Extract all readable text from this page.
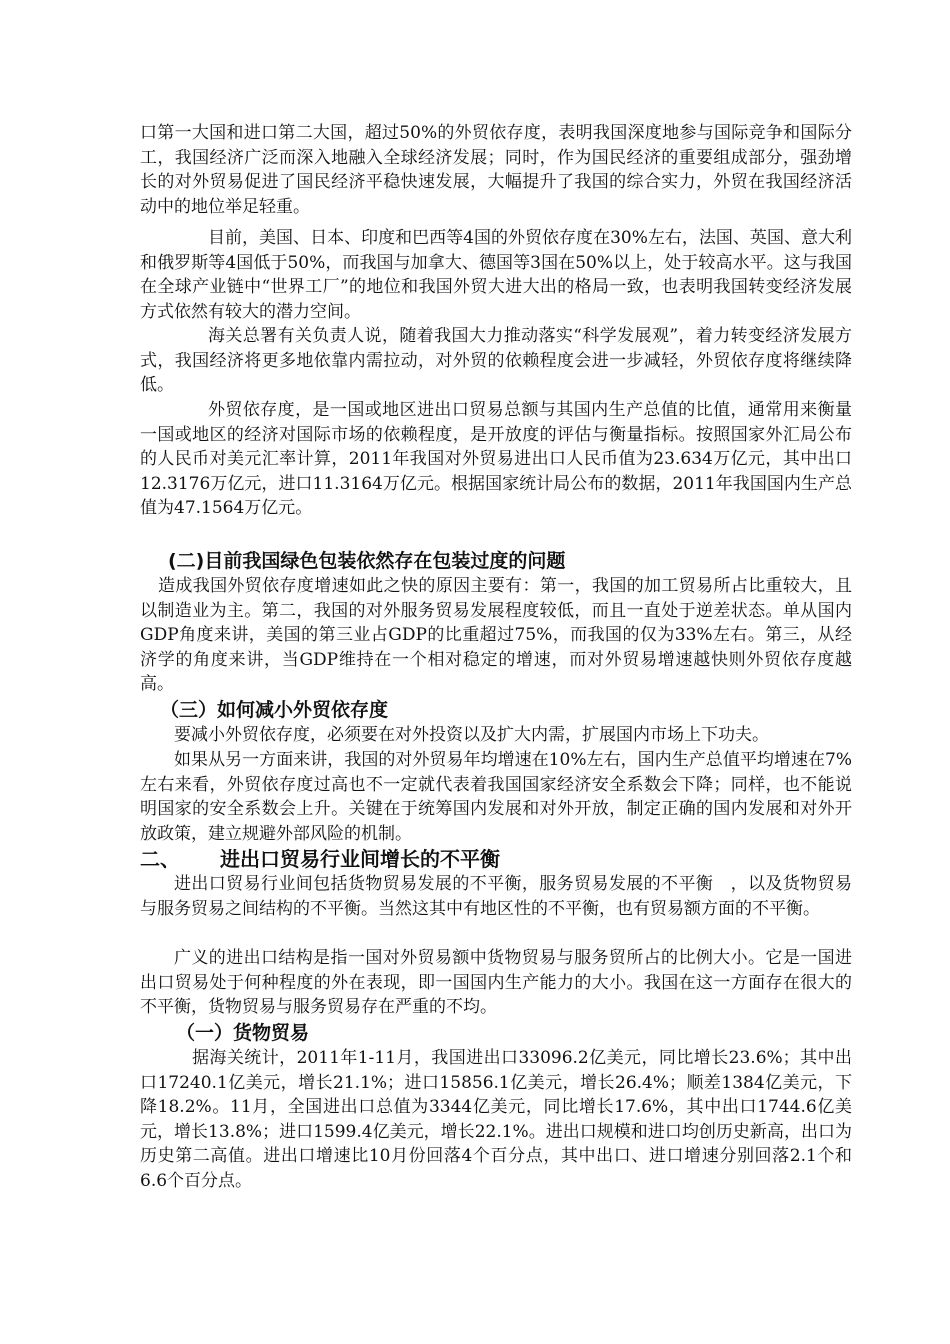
口第一大国和进口第二大国，超过50%的外贸依存度，表明我国深度地参与国际竞争和国际分工，我国经济广泛而深入地融入全球经济发展；同时，作为国民经济的重要组成部分，强劲增长的对外贸易促进了国民经济平稳快速发展，大幅提升了我国的综合实力，外贸在我国经济活动中的地位举足轻重。

目前，美国、日本、印度和巴西等4国的外贸依存度在30%左右，法国、英国、意大利和俄罗斯等4国低于50%，而我国与加拿大、德国等3国在50%以上，处于较高水平。这与我国在全球产业链中“世界工厂”的地位和我国外贸大进大出的格局一致，也表明我国转变经济发展方式依然有较大的潜力空间。

海关总署有关负责人说，随着我国大力推动落实“科学发展观”，着力转变经济发展方式，我国经济将更多地依靠内需拉动，对外贸的依赖程度会进一步减轻，外贸依存度将继续降低。

外贸依存度，是一国或地区进出口贸易总额与其国内生产总值的比值，通常用来衡量一国或地区的经济对国际市场的依赖程度，是开放度的评估与衡量指标。按照国家外汇局公布的人民币对美元汇率计算，2011年我国对外贸易进出口人民币值为23.634万亿元，其中出口12.3176万亿元，进口11.3164万亿元。根据国家统计局公布的数据，2011年我国国内生产总值为47.1564万亿元。

(二)目前我国绿色包装依然存在包装过度的问题

造成我国外贸依存度增速如此之快的原因主要有：第一，我国的加工贸易所占比重较大，且以制造业为主。第二，我国的对外服务贸易发展程度较低，而且一直处于逆差状态。单从国内GDP角度来讲，美国的第三业占GDP的比重超过75%，而我国的仅为33%左右。第三，从经济学的角度来讲，当GDP维持在一个相对稳定的增速，而对外贸易增速越快则外贸依存度越高。

（三）如何减小外贸依存度

要减小外贸依存度，必须要在对外投资以及扩大内需，扩展国内市场上下功夫。

如果从另一方面来讲，我国的对外贸易年均增速在10%左右，国内生产总值平均增速在7%左右来看，外贸依存度过高也不一定就代表着我国国家经济安全系数会下降；同样，也不能说明国家的安全系数会上升。关键在于统筹国内发展和对外开放，制定正确的国内发展和对外开放政策，建立规避外部风险的机制。

二、 进出口贸易行业间增长的不平衡

进出口贸易行业间包括货物贸易发展的不平衡，服务贸易发展的不平衡　，以及货物贸易与服务贸易之间结构的不平衡。当然这其中有地区性的不平衡，也有贸易额方面的不平衡。

广义的进出口结构是指一国对外贸易额中货物贸易与服务贸所占的比例大小。它是一国进出口贸易处于何种程度的外在表现，即一国国内生产能力的大小。我国在这一方面存在很大的不平衡，货物贸易与服务贸易存在严重的不均。

（一）货物贸易

据海关统计，2011年1-11月，我国进出口33096.2亿美元，同比增长23.6%；其中出口17240.1亿美元，增长21.1%；进口15856.1亿美元，增长26.4%；顺差1384亿美元，下降18.2%。11月，全国进出口总值为3344亿美元，同比增长17.6%，其中出口1744.6亿美元，增长13.8%；进口1599.4亿美元，增长22.1%。进出口规模和进口均创历史新高，出口为历史第二高值。进出口增速比10月份回落4个百分点，其中出口、进口增速分别回落2.1个和6.6个百分点。
